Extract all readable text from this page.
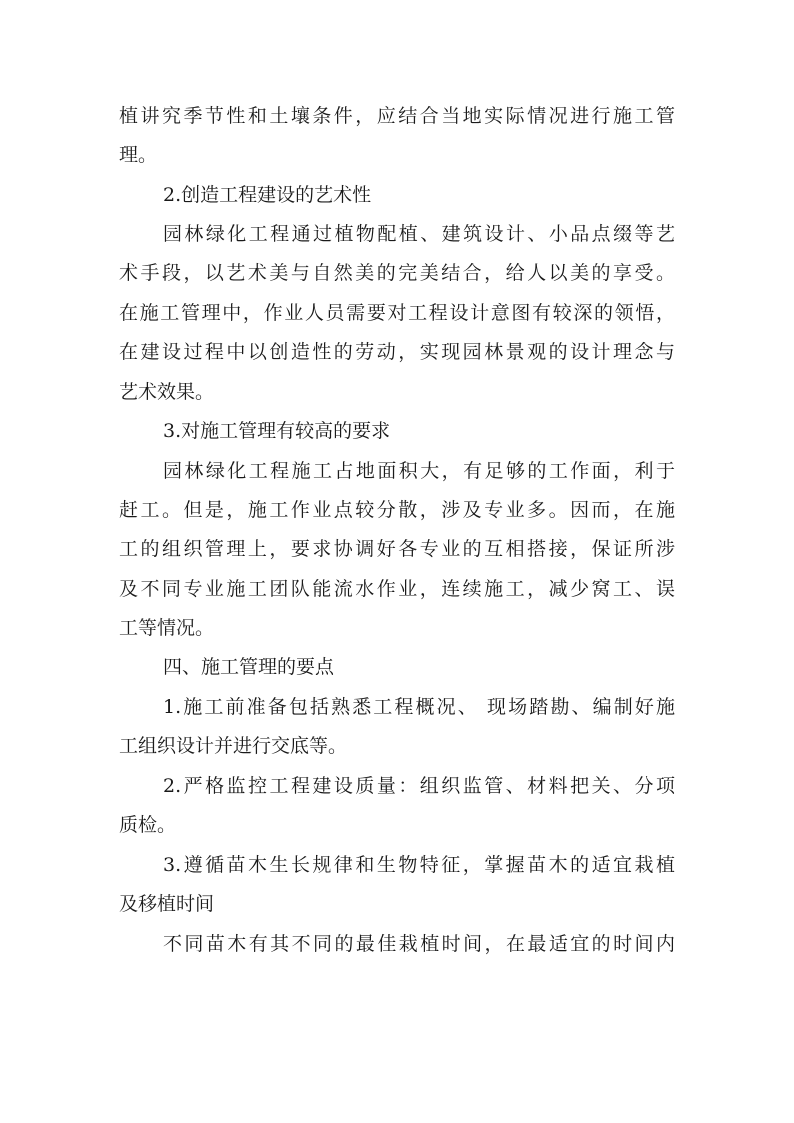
植讲究季节性和土壤条件，应结合当地实际情况进行施工管
理。
2.创造工程建设的艺术性
园林绿化工程通过植物配植、建筑设计、小品点缀等艺
术手段，以艺术美与自然美的完美结合，给人以美的享受。
在施工管理中，作业人员需要对工程设计意图有较深的领悟，
在建设过程中以创造性的劳动，实现园林景观的设计理念与
艺术效果。
3.对施工管理有较高的要求
园林绿化工程施工占地面积大，有足够的工作面，利于
赶工。但是，施工作业点较分散，涉及专业多。因而，在施
工的组织管理上，要求协调好各专业的互相搭接，保证所涉
及不同专业施工团队能流水作业，连续施工，减少窝工、误
工等情况。
四、施工管理的要点
1.施工前准备包括熟悉工程概况、 现场踏勘、编制好施
工组织设计并进行交底等。
2.严格监控工程建设质量：组织监管、材料把关、分项
质检。
3.遵循苗木生长规律和生物特征，掌握苗木的适宜栽植
及移植时间
不同苗木有其不同的最佳栽植时间，在最适宜的时间内
